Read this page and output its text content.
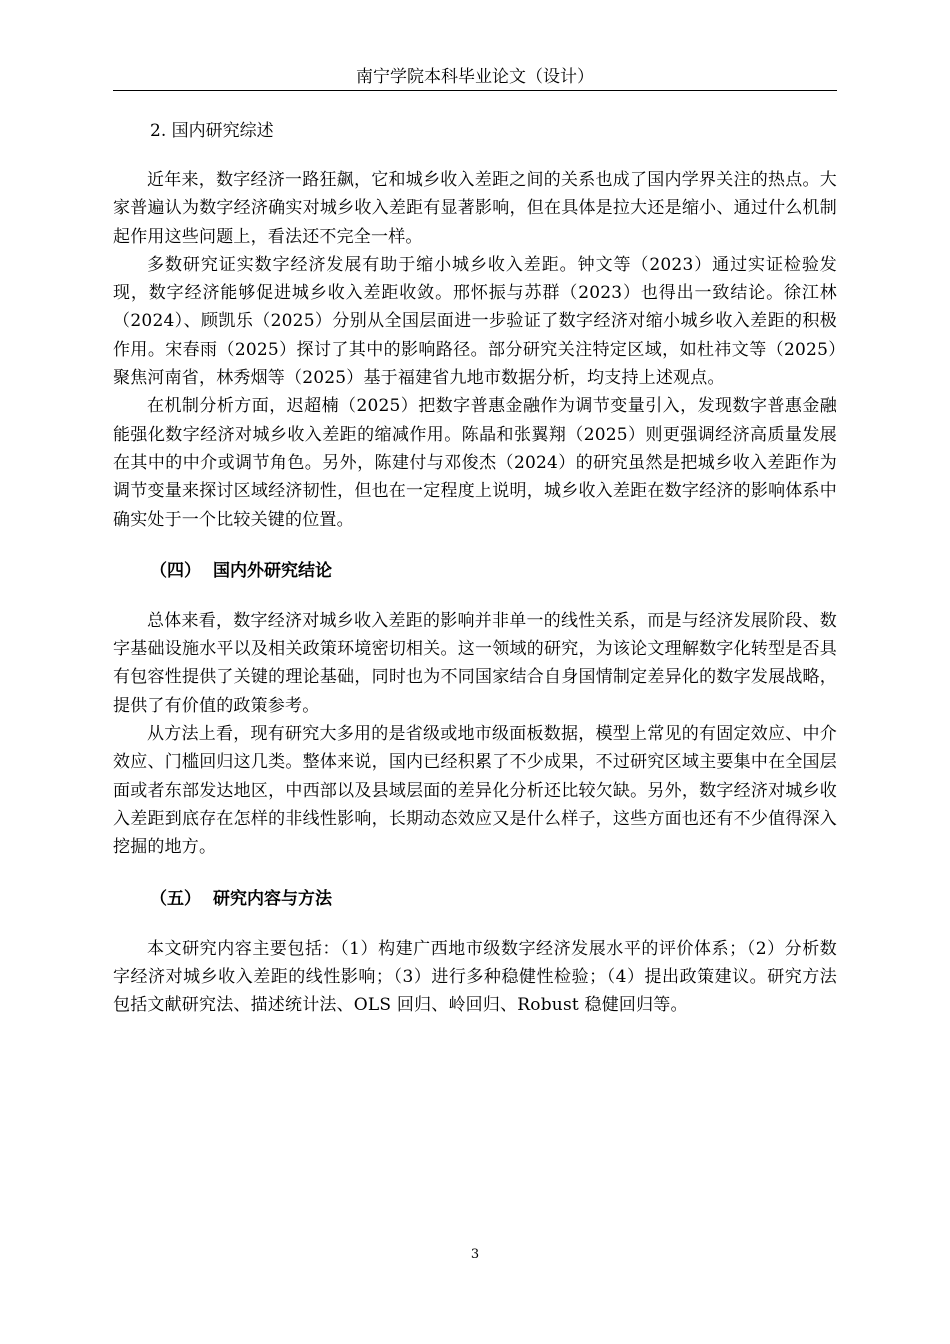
南宁学院本科毕业论文（设计）
2. 国内研究综述

近年来，数字经济一路狂飙，它和城乡收入差距之间的关系也成了国内学界关注的热点。大家普遍认为数字经济确实对城乡收入差距有显著影响，但在具体是拉大还是缩小、通过什么机制起作用这些问题上，看法还不完全一样。

多数研究证实数字经济发展有助于缩小城乡收入差距。钟文等（2023）通过实证检验发现，数字经济能够促进城乡收入差距收敛。邢怀振与苏群（2023）也得出一致结论。徐江林（2024）、顾凯乐（2025）分别从全国层面进一步验证了数字经济对缩小城乡收入差距的积极作用。宋春雨（2025）探讨了其中的影响路径。部分研究关注特定区域，如杜祎文等（2025）聚焦河南省，林秀烟等（2025）基于福建省九地市数据分析，均支持上述观点。

在机制分析方面，迟超楠（2025）把数字普惠金融作为调节变量引入，发现数字普惠金融能强化数字经济对城乡收入差距的缩减作用。陈晶和张翼翔（2025）则更强调经济高质量发展在其中的中介或调节角色。另外，陈建付与邓俊杰（2024）的研究虽然是把城乡收入差距作为调节变量来探讨区域经济韧性，但也在一定程度上说明，城乡收入差距在数字经济的影响体系中确实处于一个比较关键的位置。

（四） 国内外研究结论

总体来看，数字经济对城乡收入差距的影响并非单一的线性关系，而是与经济发展阶段、数字基础设施水平以及相关政策环境密切相关。这一领域的研究，为该论文理解数字化转型是否具有包容性提供了关键的理论基础，同时也为不同国家结合自身国情制定差异化的数字发展战略，提供了有价值的政策参考。

从方法上看，现有研究大多用的是省级或地市级面板数据，模型上常见的有固定效应、中介效应、门槛回归这几类。整体来说，国内已经积累了不少成果，不过研究区域主要集中在全国层面或者东部发达地区，中西部以及县域层面的差异化分析还比较欠缺。另外，数字经济对城乡收入差距到底存在怎样的非线性影响，长期动态效应又是什么样子，这些方面也还有不少值得深入挖掘的地方。

（五） 研究内容与方法

本文研究内容主要包括：（1）构建广西地市级数字经济发展水平的评价体系；（2）分析数字经济对城乡收入差距的线性影响；（3）进行多种稳健性检验；（4）提出政策建议。研究方法包括文献研究法、描述统计法、OLS 回归、岭回归、Robust 稳健回归等。

3
